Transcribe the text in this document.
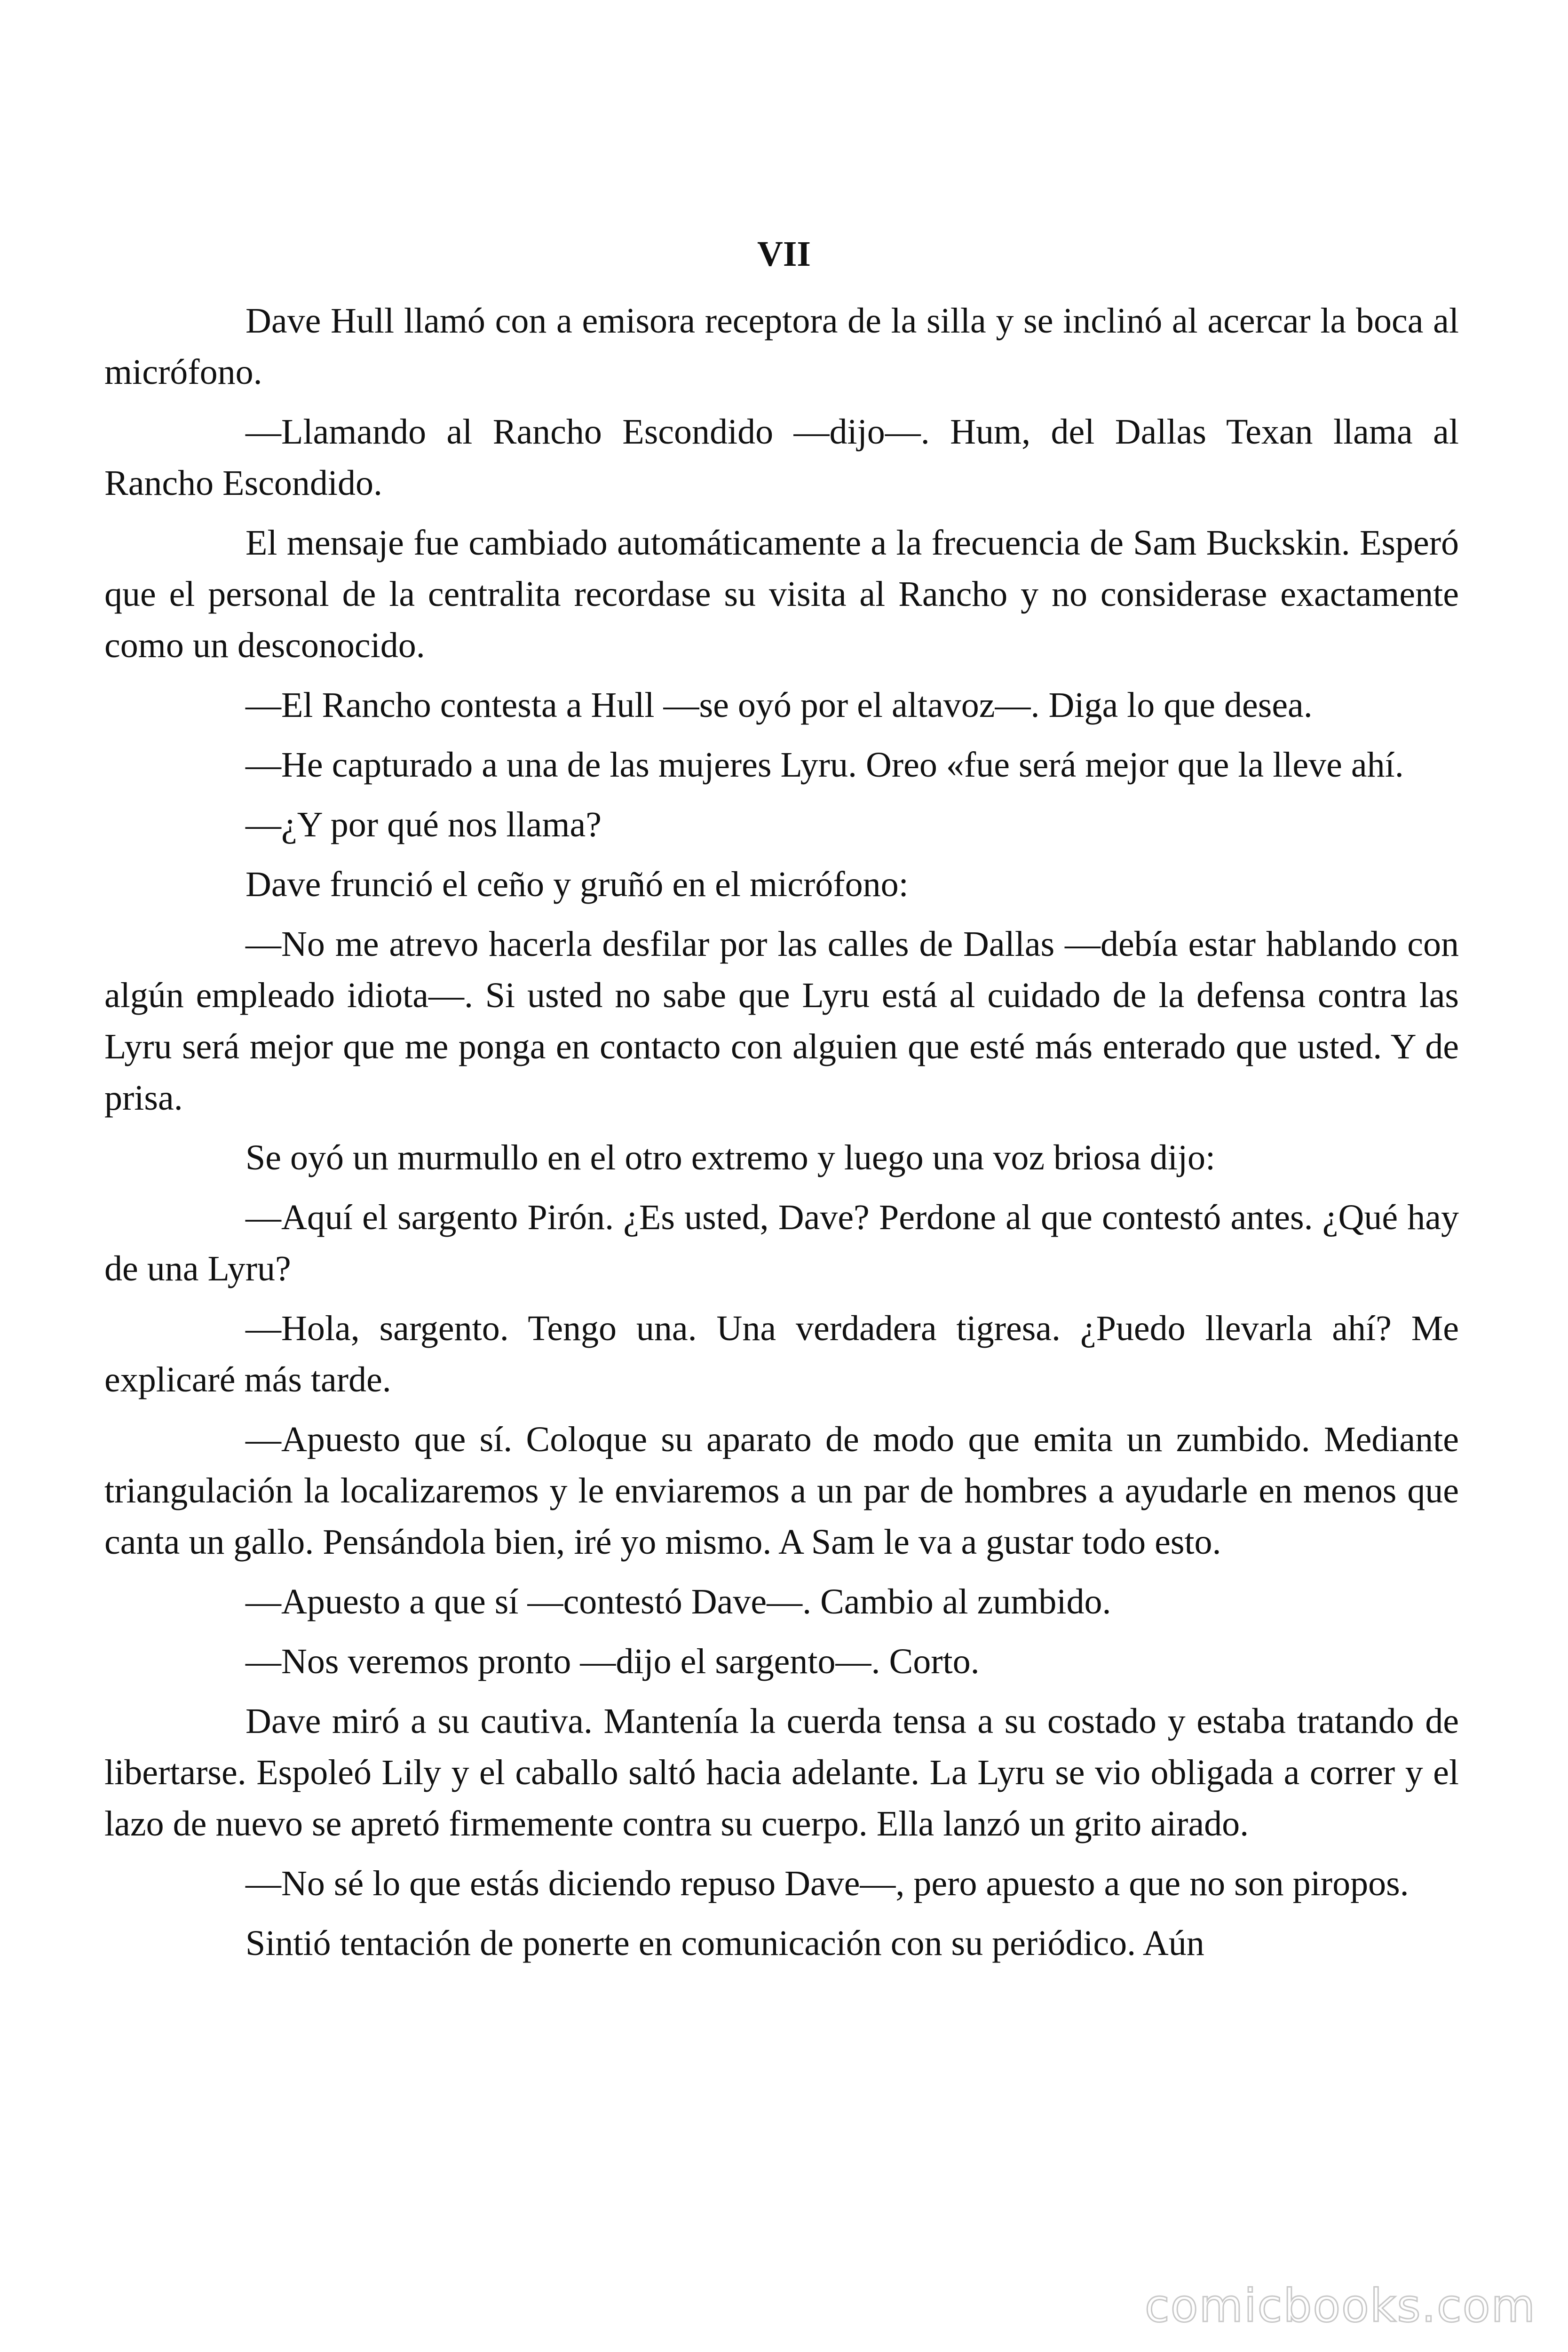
VII

Dave Hull llamó con a emisora receptora de la silla y se inclinó al acercar la boca al micrófono.

—Llamando al Rancho Escondido —dijo—. Hum, del Dallas Texan llama al Rancho Escondido.

El mensaje fue cambiado automáticamente a la frecuencia de Sam Buckskin. Esperó que el personal de la centralita recordase su visita al Rancho y no considerase exactamente como un desconocido.

—El Rancho contesta a Hull —se oyó por el altavoz—. Diga lo que desea.

—He capturado a una de las mujeres Lyru. Oreo «fue será mejor que la lleve ahí.

—¿Y por qué nos llama?

Dave frunció el ceño y gruñó en el micrófono:

—No me atrevo hacerla desfilar por las calles de Dallas —debía estar hablando con algún empleado idiota—. Si usted no sabe que Lyru está al cuidado de la defensa contra las Lyru será mejor que me ponga en contacto con alguien que esté más enterado que usted. Y de prisa.

Se oyó un murmullo en el otro extremo y luego una voz briosa dijo:

—Aquí el sargento Pirón. ¿Es usted, Dave? Perdone al que contestó antes. ¿Qué hay de una Lyru?

—Hola, sargento. Tengo una. Una verdadera tigresa. ¿Puedo llevarla ahí? Me explicaré más tarde.

—Apuesto que sí. Coloque su aparato de modo que emita un zumbido. Mediante triangulación la localizaremos y le enviaremos a un par de hombres a ayudarle en menos que canta un gallo. Pensándola bien, iré yo mismo. A Sam le va a gustar todo esto.

—Apuesto a que sí —contestó Dave—. Cambio al zumbido.

—Nos veremos pronto —dijo el sargento—. Corto.

Dave miró a su cautiva. Mantenía la cuerda tensa a su costado y estaba tratando de libertarse. Espoleó Lily y el caballo saltó hacia adelante. La Lyru se vio obligada a correr y el lazo de nuevo se apretó firmemente contra su cuerpo. Ella lanzó un grito airado.

—No sé lo que estás diciendo repuso Dave—, pero apuesto a que no son piropos.

Sintió tentación de ponerte en comunicación con su periódico. Aún

comicbooks.com
